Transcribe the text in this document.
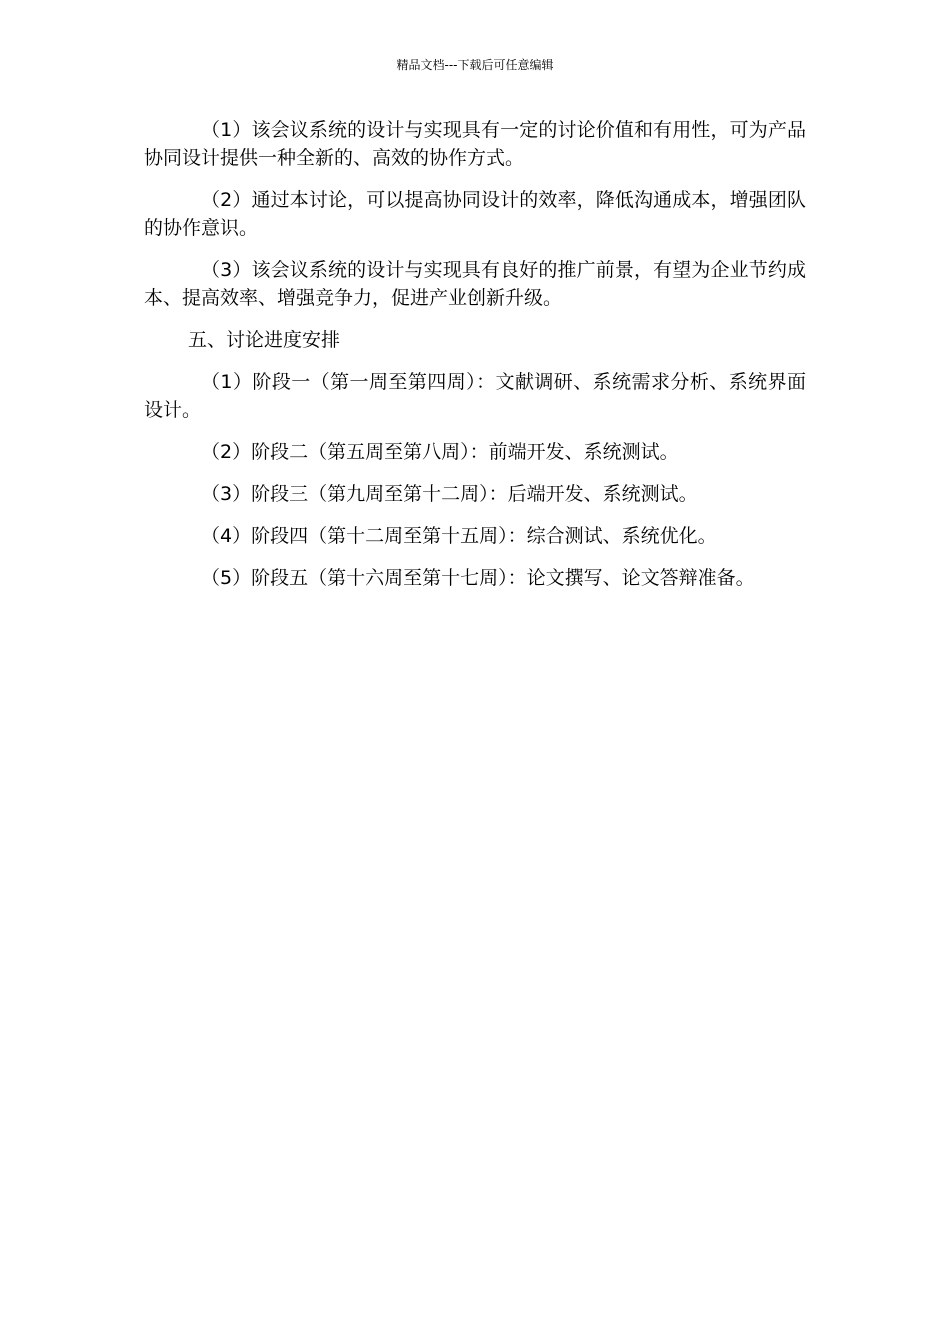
精品文档---下载后可任意编辑

（1）该会议系统的设计与实现具有一定的讨论价值和有用性，可为产品协同设计提供一种全新的、高效的协作方式。

（2）通过本讨论，可以提高协同设计的效率，降低沟通成本，增强团队的协作意识。

（3）该会议系统的设计与实现具有良好的推广前景，有望为企业节约成本、提高效率、增强竞争力，促进产业创新升级。

五、讨论进度安排

（1）阶段一（第一周至第四周）：文献调研、系统需求分析、系统界面设计。

（2）阶段二（第五周至第八周）：前端开发、系统测试。

（3）阶段三（第九周至第十二周）：后端开发、系统测试。

（4）阶段四（第十二周至第十五周）：综合测试、系统优化。

（5）阶段五（第十六周至第十七周）：论文撰写、论文答辩准备。
